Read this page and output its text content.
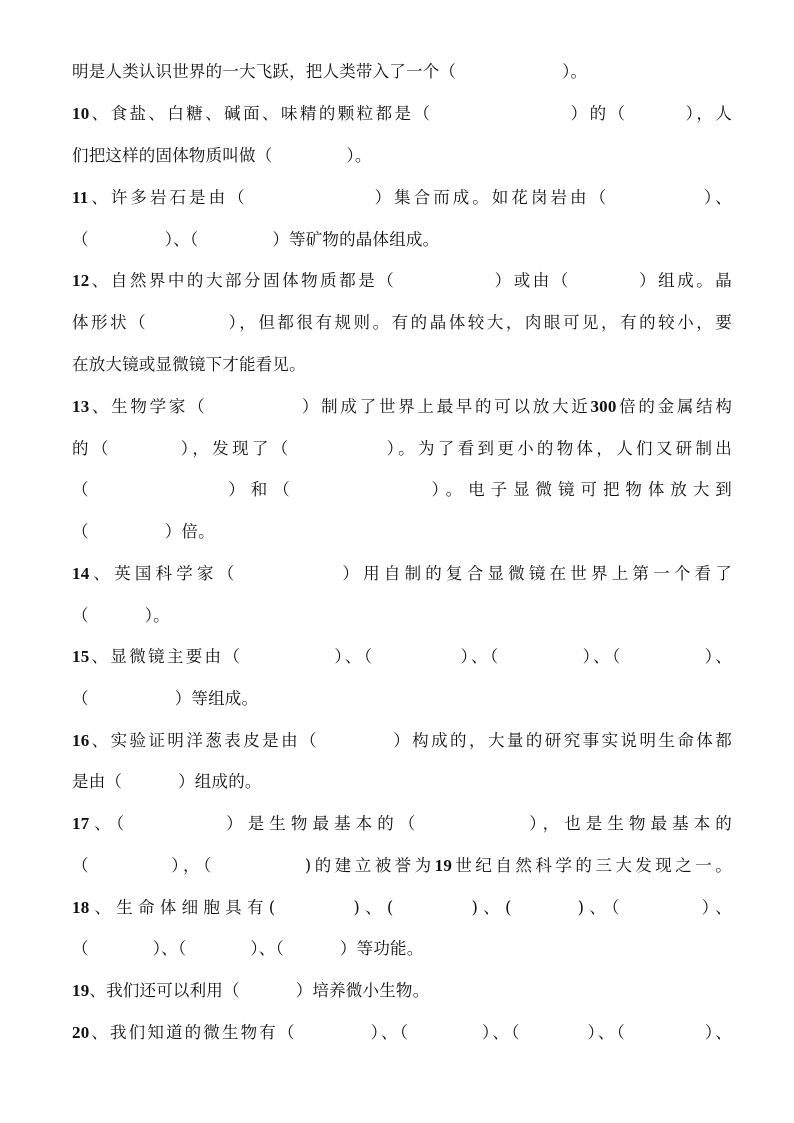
明是人类认识世界的一大飞跃，把人类带入了一个（	）。
10、食盐、白糖、碱面、味精的颗粒都是（	）的（	），人
们把这样的固体物质叫做（	）。
11、许多岩石是由（	）集合而成。如花岗岩由（	）、
（	）、（	）等矿物的晶体组成。
12、自然界中的大部分固体物质都是（	）或由（	）组成。晶
体形状（	），但都很有规则。有的晶体较大，肉眼可见，有的较小，要
在放大镜或显微镜下才能看见。
13、生物学家（	）制成了世界上最早的可以放大近300倍的金属结构
的（	），发现了（	）。为了看到更小的物体，人们又研制出
（	）和（	）。电子显微镜可把物体放大到
（	）倍。
14、英国科学家（	）用自制的复合显微镜在世界上第一个看了
（	）。
15、显微镜主要由（	）、（	）、（	）、（	）、
（	）等组成。
16、实验证明洋葱表皮是由（	）构成的，大量的研究事实说明生命体都
是由（	）组成的。
17、（	）是生物最基本的（	），也是生物最基本的
（	），（	)的建立被誉为19世纪自然科学的三大发现之一。
18、生命体细胞具有(	)、(	)、(	)、（	）、
（	）、（	）、（	）等功能。
19、我们还可以利用（	）培养微小生物。
20、我们知道的微生物有（	）、（	）、（	）、（	）、
